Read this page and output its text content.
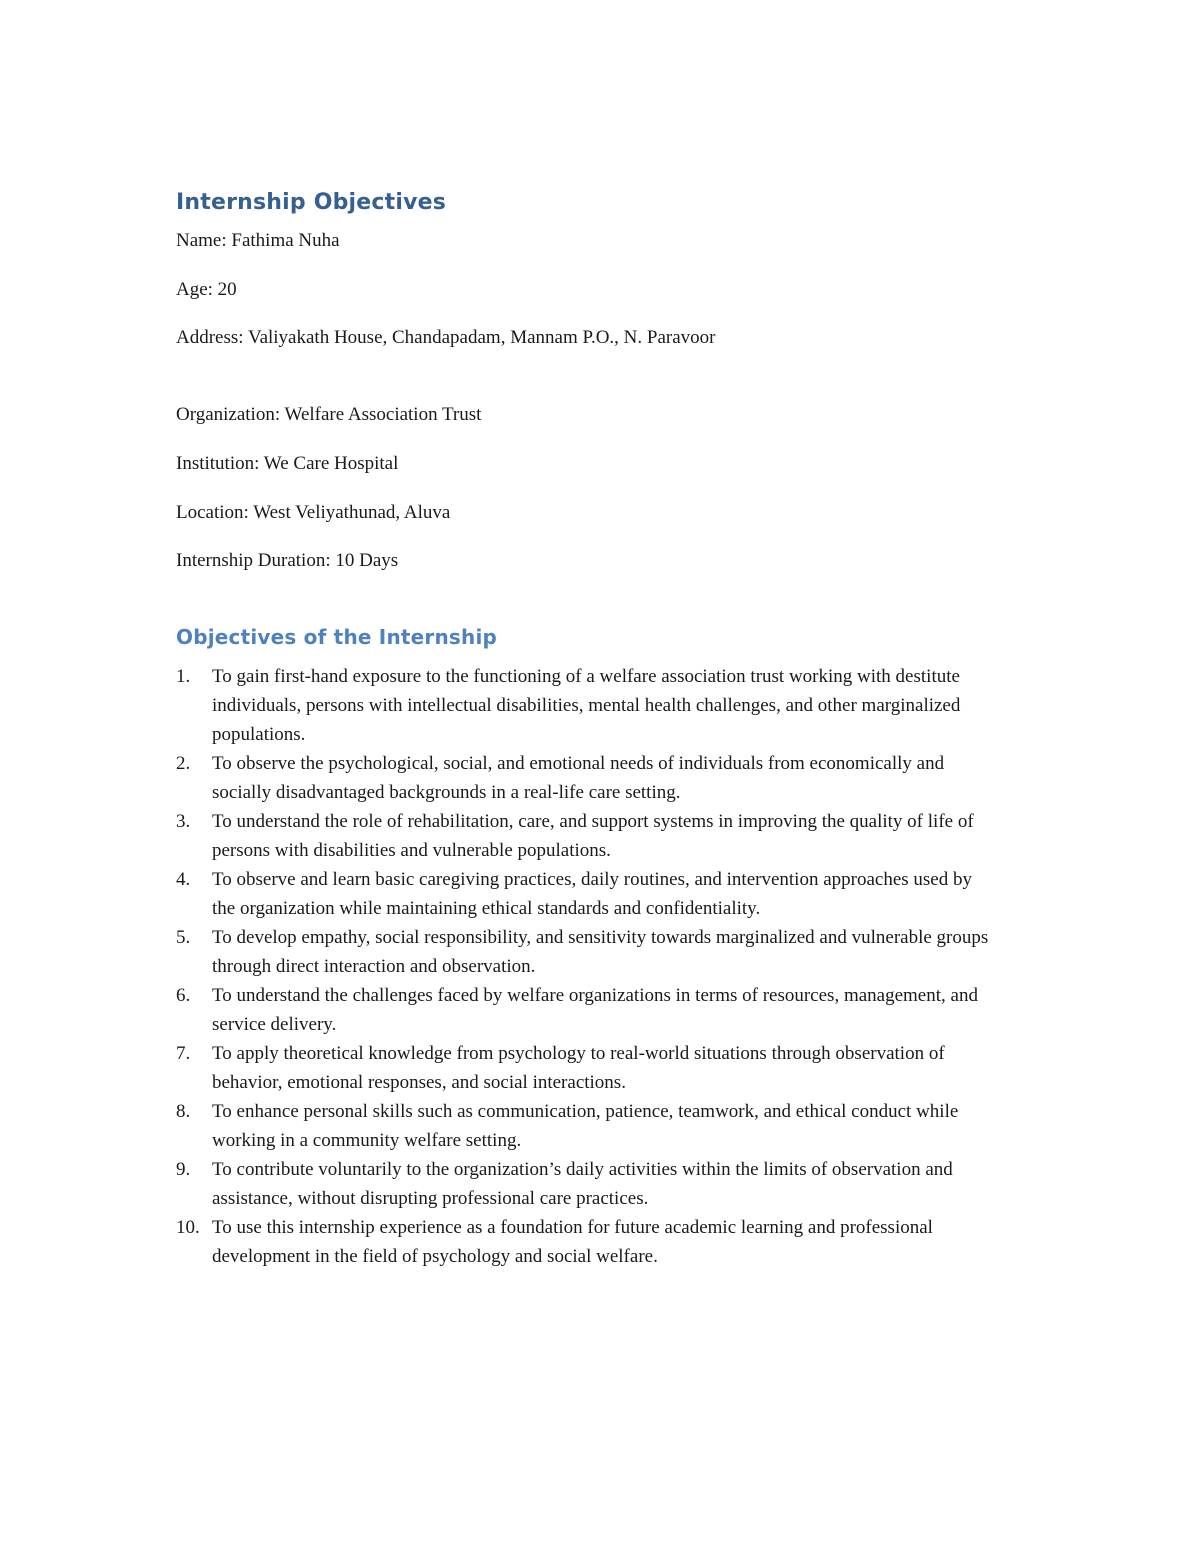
Internship Objectives
Name: Fathima Nuha
Age: 20
Address: Valiyakath House, Chandapadam, Mannam P.O., N. Paravoor
Organization: Welfare Association Trust
Institution: We Care Hospital
Location: West Veliyathunad, Aluva
Internship Duration: 10 Days
Objectives of the Internship
1.	To gain first-hand exposure to the functioning of a welfare association trust working with destitute individuals, persons with intellectual disabilities, mental health challenges, and other marginalized populations.
2.	To observe the psychological, social, and emotional needs of individuals from economically and socially disadvantaged backgrounds in a real-life care setting.
3.	To understand the role of rehabilitation, care, and support systems in improving the quality of life of persons with disabilities and vulnerable populations.
4.	To observe and learn basic caregiving practices, daily routines, and intervention approaches used by the organization while maintaining ethical standards and confidentiality.
5.	To develop empathy, social responsibility, and sensitivity towards marginalized and vulnerable groups through direct interaction and observation.
6.	To understand the challenges faced by welfare organizations in terms of resources, management, and service delivery.
7.	To apply theoretical knowledge from psychology to real-world situations through observation of behavior, emotional responses, and social interactions.
8.	To enhance personal skills such as communication, patience, teamwork, and ethical conduct while working in a community welfare setting.
9.	To contribute voluntarily to the organization’s daily activities within the limits of observation and assistance, without disrupting professional care practices.
10. To use this internship experience as a foundation for future academic learning and professional development in the field of psychology and social welfare.
